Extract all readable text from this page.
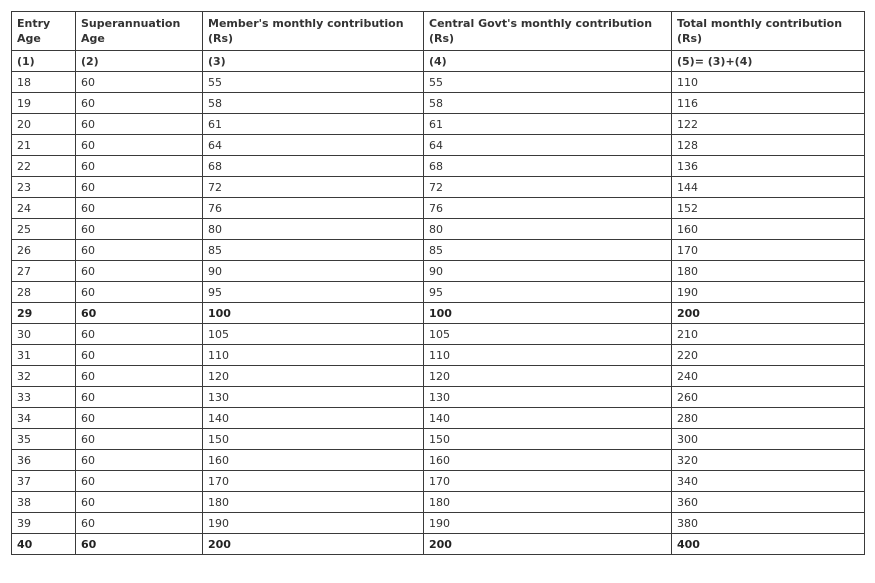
Entry Age	Superannuation Age	Member's monthly contribution (Rs)	Central Govt's monthly contribution (Rs)	Total monthly contribution (Rs)
(1)	(2)	(3)	(4)	(5)= (3)+(4)
18	60	55	55	110
19	60	58	58	116
20	60	61	61	122
21	60	64	64	128
22	60	68	68	136
23	60	72	72	144
24	60	76	76	152
25	60	80	80	160
26	60	85	85	170
27	60	90	90	180
28	60	95	95	190
29	60	100	100	200
30	60	105	105	210
31	60	110	110	220
32	60	120	120	240
33	60	130	130	260
34	60	140	140	280
35	60	150	150	300
36	60	160	160	320
37	60	170	170	340
38	60	180	180	360
39	60	190	190	380
40	60	200	200	400
